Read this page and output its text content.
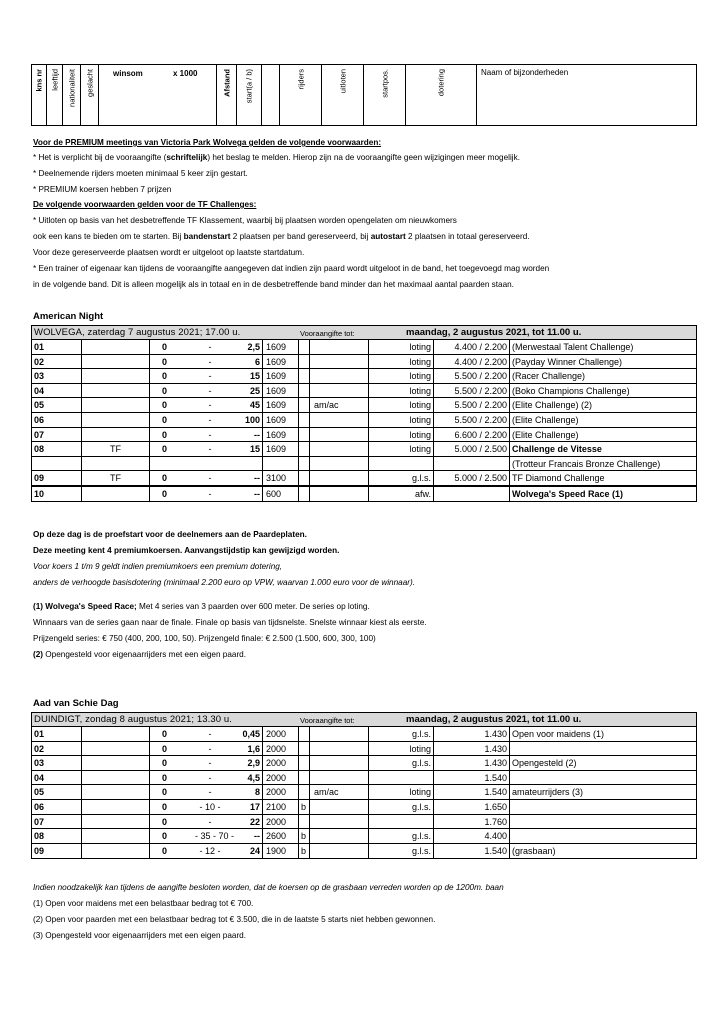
kns nr leeftijd nationaliteit geslacht winsom	x 1000	Afstand start(a / b)	rijders	uitloten	startpos.	dotering	Naam of bijzonderheden
Voor de PREMIUM meetings van Victoria Park Wolvega gelden de volgende voorwaarden:
* Het is verplicht bij de vooraangifte (schriftelijk) het beslag te melden. Hierop zijn na de vooraangifte geen wijzigingen meer mogelijk.
* Deelnemende rijders moeten minimaal 5 keer zijn gestart.
* PREMIUM koersen hebben 7 prijzen
De volgende voorwaarden gelden voor de TF Challenges:
* Uitloten op basis van het desbetreffende TF Klassement, waarbij bij plaatsen worden opengelaten om nieuwkomers
ook een kans te bieden om te starten. Bij bandenstart 2 plaatsen per band gereserveerd, bij autostart 2 plaatsen in totaal gereserveerd.
Voor deze gereserveerde plaatsen wordt er uitgeloot op laatste startdatum.
* Een trainer of eigenaar kan tijdens de vooraangifte aangegeven dat indien zijn paard wordt uitgeloot in de band, het toegevoegd mag worden
in de volgende band. Dit is alleen mogelijk als in totaal en in de desbetreffende band minder dan het maximaal aantal paarden staan.
American Night
WOLVEGA, zaterdag 7 augustus 2021; 17.00 u.	Vooraangifte tot:	maandag, 2 augustus 2021, tot 11.00 u.
01	0	-	2,5 1609	loting	4.400 / 2.200 (Merwestaal Talent Challenge)
02	0	-	6 1609	loting	4.400 / 2.200 (Payday Winner Challenge)
03	0	-	15 1609	loting	5.500 / 2.200 (Racer Challenge)
04	0	-	25 1609	loting	5.500 / 2.200 (Boko Champions Challenge)
05	0	-	45 1609	am/ac	loting	5.500 / 2.200 (Elite Challenge) (2)
06	0	-	100 1609	loting	5.500 / 2.200 (Elite Challenge)
07	0	-	-- 1609	loting	6.600 / 2.200 (Elite Challenge)
08	TF	0	-	15 1609	loting	5.000 / 2.500 Challenge de Vitesse
(Trotteur Francais Bronze Challenge)
09	TF	0	-	-- 3100	g.l.s.	5.000 / 2.500 TF Diamond Challenge
10	0	-	-- 600	afw.	Wolvega's Speed Race (1)
Op deze dag is de proefstart voor de deelnemers aan de Paardeplaten.
Deze meeting kent 4 premiumkoersen. Aanvangstijdstip kan gewijzigd worden.
Voor koers 1 t/m 9 geldt indien premiumkoers een premium dotering,
anders de verhoogde basisdotering (minimaal 2.200 euro op VPW, waarvan 1.000 euro voor de winnaar).
(1) Wolvega's Speed Race; Met 4 series van 3 paarden over 600 meter. De series op loting.
Winnaars van de series gaan naar de finale. Finale op basis van tijdsnelste. Snelste winnaar kiest als eerste.
Prijzengeld series: € 750 (400, 200, 100, 50). Prijzengeld finale: € 2.500 (1.500, 600, 300, 100)
(2) Opengesteld voor eigenaarrijders met een eigen paard.
Aad van Schie Dag
DUINDIGT, zondag 8 augustus 2021; 13.30 u.	Vooraangifte tot:	maandag, 2 augustus 2021, tot 11.00 u.
01	0	-	0,45 2000	g.l.s.	1.430 Open voor maidens (1)
02	0	-	1,6 2000	loting	1.430
03	0	-	2,9 2000	g.l.s.	1.430 Opengesteld (2)
04	0	-	4,5 2000	1.540
05	0	-	8 2000	am/ac	loting	1.540 amateurrijders (3)
06	0	- 10 -	17 2100	b	g.l.s.	1.650
07	0	-	22 2000	1.760
08	0	- 35 - 70 - -- 2600	b	g.l.s.	4.400
09	0	- 12 -	24 1900	b	g.l.s.	1.540 (grasbaan)
Indien noodzakelijk kan tijdens de aangifte besloten worden, dat de koersen op de grasbaan verreden worden op de 1200m. baan
(1) Open voor maidens met een belastbaar bedrag tot € 700.
(2) Open voor paarden met een belastbaar bedrag tot € 3.500, die in de laatste 5 starts niet hebben gewonnen.
(3) Opengesteld voor eigenaarrijders met een eigen paard.
